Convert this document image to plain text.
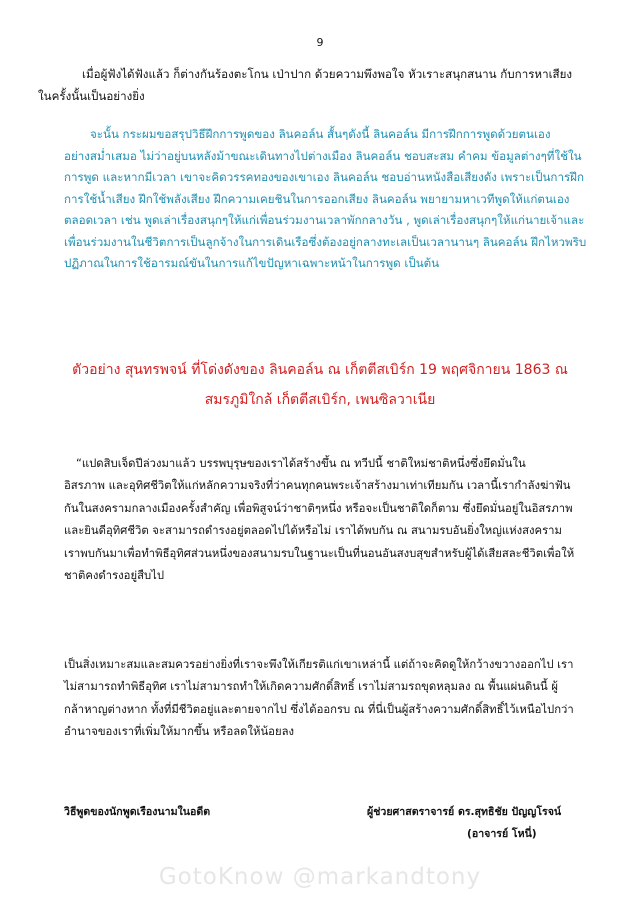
9
เมื่อผู้ฟังได้ฟังแล้ว ก็ต่างกันร้องตะโกน เป่าปาก ด้วยความพึงพอใจ หัวเราะสนุกสนาน กับการหาเสียง
ในครั้งนั้นเป็นอย่างยิ่ง
จะนั้น กระผมขอสรุปวิธีฝึกการพูดของ ลินคอล์น สั้นๆดังนี้ ลินคอล์น มีการฝึกการพูดด้วยตนเอง
อย่างสม่ำเสมอ ไม่ว่าอยู่บนหลังม้าขณะเดินทางไปต่างเมือง ลินคอล์น ชอบสะสม คำคม ข้อมูลต่างๆที่ใช้ใน
การพูด และหากมีเวลา เขาจะคิดวรรคทองของเขาเอง ลินคอล์น ชอบอ่านหนังสือเสียงดัง เพราะเป็นการฝึก
การใช้น้ำเสียง ฝึกใช้พลังเสียง ฝึกความเคยชินในการออกเสียง ลินคอล์น พยายามหาเวทีพูดให้แก่ตนเอง
ตลอดเวลา เช่น พูดเล่าเรื่องสนุกๆให้แก่เพื่อนร่วมงานเวลาพักกลางวัน , พูดเล่าเรื่องสนุกๆให้แก่นายเจ้าและ
เพื่อนร่วมงานในชีวิตการเป็นลูกจ้างในการเดินเรือซึ่งต้องอยู่กลางทะเลเป็นเวลานานๆ ลินคอล์น ฝึกไหวพริบ
ปฏิภาณในการใช้อารมณ์ขันในการแก้ไขปัญหาเฉพาะหน้าในการพูด เป็นต้น
ตัวอย่าง สุนทรพจน์ ที่โด่งดังของ ลินคอล์น ณ เก็ตตีสเบิร์ก 19 พฤศจิกายน 1863 ณ
สมรภูมิใกล้ เก็ตตีสเบิร์ก, เพนซิลวาเนีย
“แปดสิบเจ็ดปีล่วงมาแล้ว บรรพบุรุษของเราได้สร้างขึ้น ณ ทวีปนี้ ชาติใหม่ชาติหนึ่งซึ่งยึดมั่นใน
อิสรภาพ และอุทิศชีวิตให้แก่หลักความจริงที่ว่าคนทุกคนพระเจ้าสร้างมาเท่าเทียมกัน เวลานี้เรากำลังฆ่าฟัน
กันในสงครามกลางเมืองครั้งสำคัญ เพื่อพิสูจน์ว่าชาติๆหนึ่ง หรือจะเป็นชาติใดก็ตาม ซึ่งยึดมั่นอยู่ในอิสรภาพ
และยินดีอุทิศชีวิต จะสามารถดำรงอยู่ตลอดไปได้หรือไม่ เราได้พบกัน ณ สนามรบอันยิ่งใหญ่แห่งสงคราม
เราพบกันมาเพื่อทำพิธีอุทิศส่วนหนึ่งของสนามรบในฐานะเป็นที่นอนอันสงบสุขสำหรับผู้ได้เสียสละชีวิตเพื่อให้
ชาติคงดำรงอยู่สืบไป
เป็นสิ่งเหมาะสมและสมควรอย่างยิ่งที่เราจะพึงให้เกียรติแก่เขาเหล่านี้ แต่ถ้าจะคิดดูให้กว้างขวางออกไป เรา
ไม่สามารถทำพิธีอุทิศ เราไม่สามารถทำให้เกิดความศักดิ์สิทธิ์ เราไม่สามรถขุดหลุมลง ณ พื้นแผ่นดินนี้ ผู้
กล้าหาญต่างหาก ทั้งที่มีชีวิตอยู่และตายจากไป ซึ่งได้ออกรบ ณ ที่นี่เป็นผู้สร้างความศักดิ์สิทธิ์ไว้เหนือไปกว่า
อำนาจของเราที่เพิ่มให้มากขึ้น หรือลดให้น้อยลง
วิธีพูดของนักพูดเรืองนามในอดีต	ผู้ช่วยศาสตราจารย์ ดร.สุทธิชัย ปัญญโรจน์
(อาจารย์ โหนี่)
GotoKnow @markandtony
